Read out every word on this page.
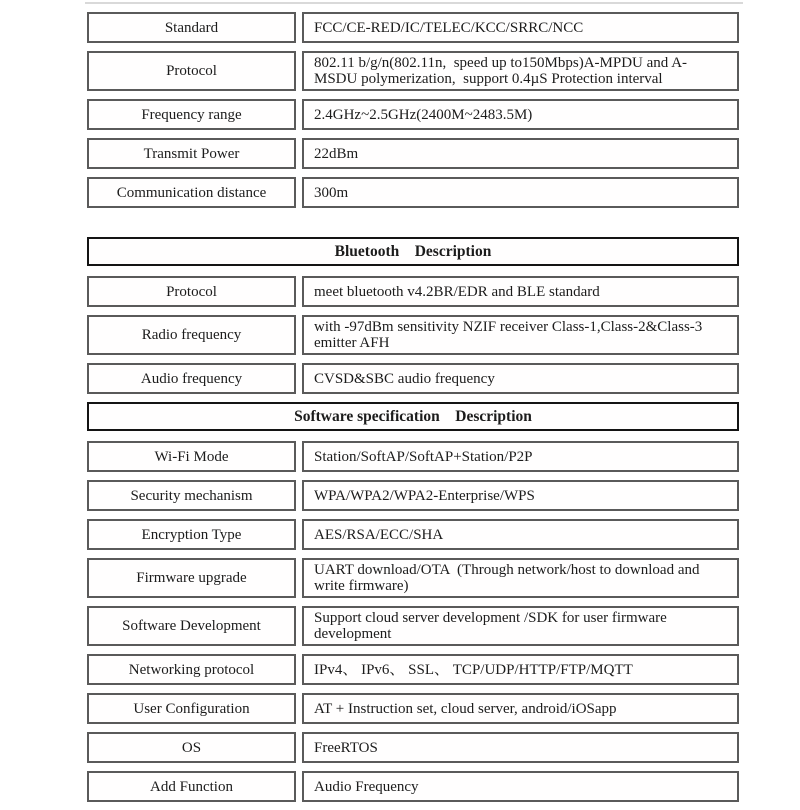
Standard	FCC/CE-RED/IC/TELEC/KCC/SRRC/NCC
Protocol	802.11 b/g/n(802.11n,  speed up to150Mbps)A-MPDU and A-MSDU polymerization,  support 0.4µS Protection interval
Frequency range	2.4GHz~2.5GHz(2400M~2483.5M)
Transmit Power	22dBm
Communication distance	300m
Bluetooth    Description
Protocol	meet bluetooth v4.2BR/EDR and BLE standard
Radio frequency	with -97dBm sensitivity NZIF receiver Class-1,Class-2&Class-3 emitter AFH
Audio frequency	CVSD&SBC audio frequency
Software specification    Description
Wi-Fi Mode	Station/SoftAP/SoftAP+Station/P2P
Security mechanism	WPA/WPA2/WPA2-Enterprise/WPS
Encryption Type	AES/RSA/ECC/SHA
Firmware upgrade	UART download/OTA  (Through network/host to download and write firmware)
Software Development	Support cloud server development /SDK for user firmware development
Networking protocol	IPv4、 IPv6、 SSL、 TCP/UDP/HTTP/FTP/MQTT
User Configuration	AT + Instruction set, cloud server, android/iOSapp
OS	FreeRTOS
Add Function	Audio Frequency
